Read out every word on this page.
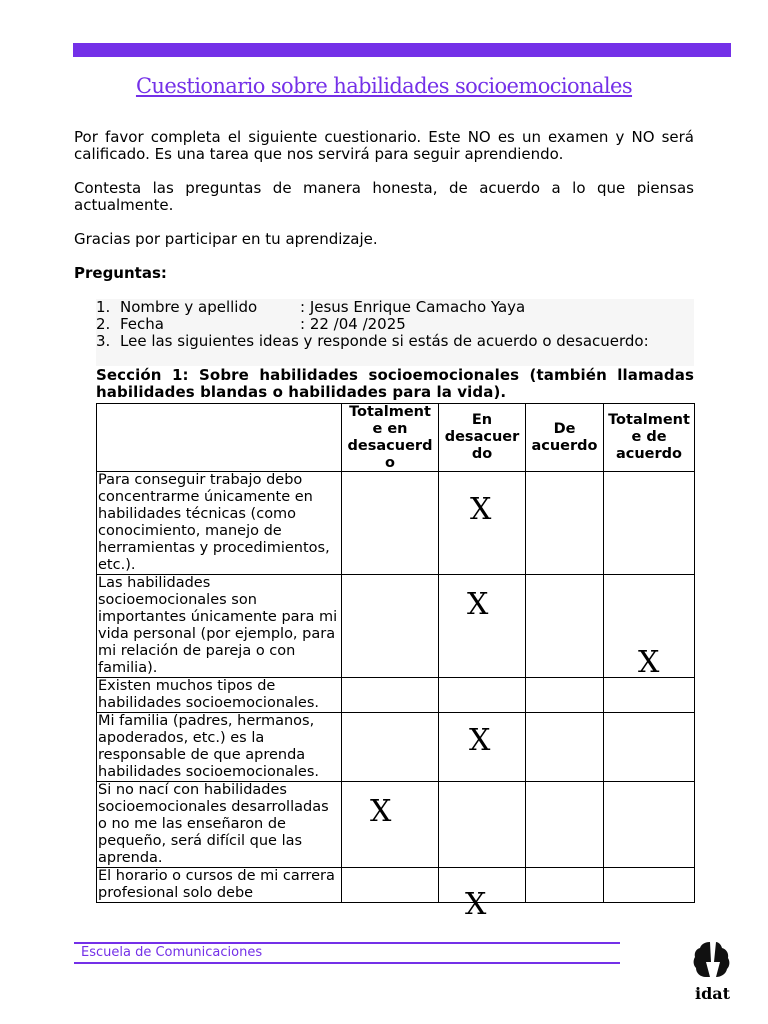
Cuestionario sobre habilidades socioemocionales
Por favor completa el siguiente cuestionario. Este NO es un examen y NO será calificado. Es una tarea que nos servirá para seguir aprendiendo.
Contesta las preguntas de manera honesta, de acuerdo a lo que piensas actualmente.
Gracias por participar en tu aprendizaje.
Preguntas:
1. Nombre y apellido	: Jesus Enrique Camacho Yaya
2. Fecha	: 22 /04 /2025
3. Lee las siguientes ideas y responde si estás de acuerdo o desacuerdo:
Sección 1: Sobre habilidades socioemocionales (también llamadas habilidades blandas o habilidades para la vida).
Totalment e en desacuerd o
En desacuer do
De acuerdo
Totalment e de acuerdo
Para conseguir trabajo debo concentrarme únicamente en habilidades técnicas (como conocimiento, manejo de herramientas y procedimientos, etc.).
Las habilidades socioemocionales son importantes únicamente para mi vida personal (por ejemplo, para mi relación de pareja o con familia).
Existen muchos tipos de habilidades socioemocionales.
Mi familia (padres, hermanos, apoderados, etc.) es la responsable de que aprenda habilidades socioemocionales.
Si no nací con habilidades socioemocionales desarrolladas o no me las enseñaron de pequeño, será difícil que las aprenda.
El horario o cursos de mi carrera profesional solo debe
X
X
X
X
X
X
Escuela de Comunicaciones
idat
